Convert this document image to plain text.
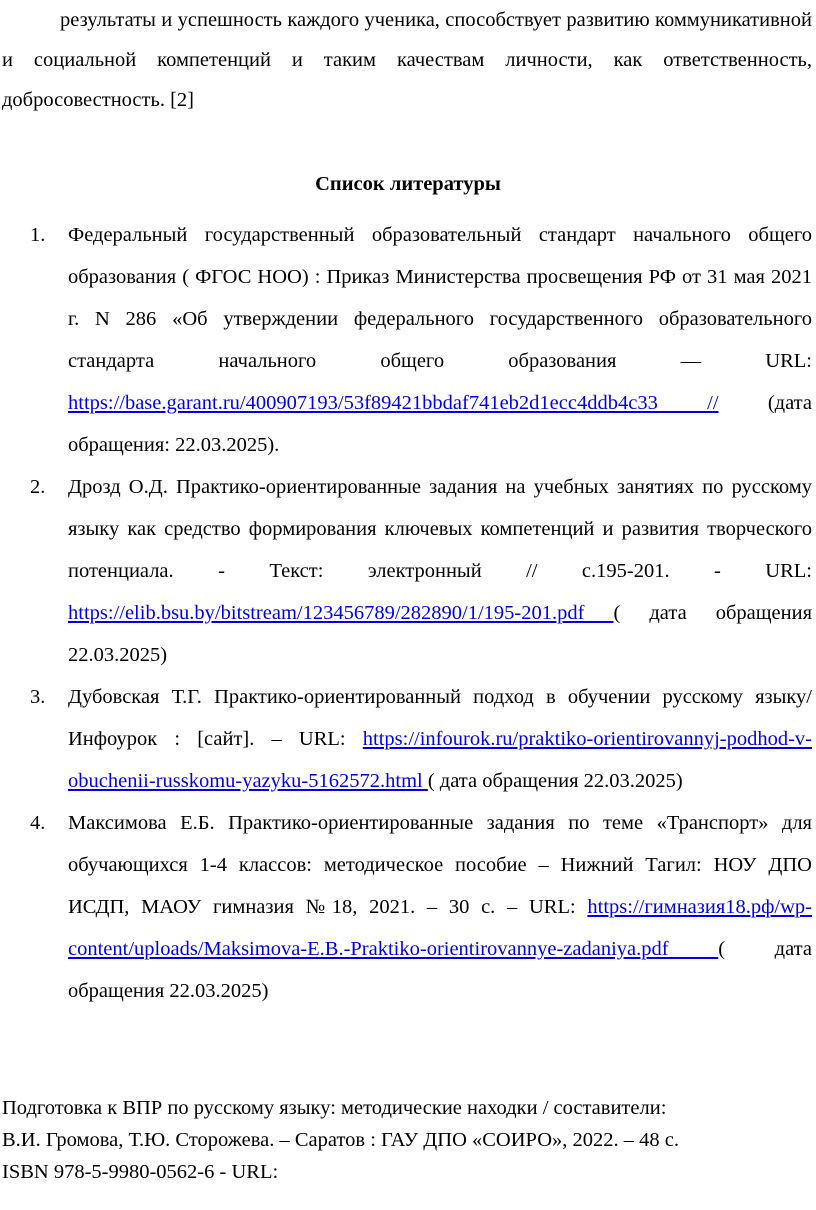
результаты и успешность каждого ученика, способствует развитию коммуникативной и социальной компетенций и таким качествам личности, как ответственность, добросовестность. [2]

Список литературы
1. Федеральный государственный образовательный стандарт начального общего образования ( ФГОС НОО) : Приказ Министерства просвещения РФ от 31 мая 2021 г. N 286 «Об утверждении федерального государственного образовательного стандарта начального общего образования — URL: https://base.garant.ru/400907193/53f89421bbdaf741eb2d1ecc4ddb4c33 // (дата обращения: 22.03.2025).
2. Дрозд О.Д. Практико-ориентированные задания на учебных занятиях по русскому языку как средство формирования ключевых компетенций и развития творческого потенциала. - Текст: электронный // с.195-201. - URL: https://elib.bsu.by/bitstream/123456789/282890/1/195-201.pdf ( дата обращения 22.03.2025)
3. Дубовская Т.Г. Практико-ориентированный подход в обучении русскому языку/ Инфоурок : [сайт]. – URL: https://infourok.ru/praktiko-orientirovannyj-podhod-v-obuchenii-russkomu-yazyku-5162572.html ( дата обращения 22.03.2025)
4. Максимова Е.Б. Практико-ориентированные задания по теме «Транспорт» для обучающихся 1-4 классов: методическое пособие – Нижний Тагил: НОУ ДПО ИСДП, МАОУ гимназия №18, 2021. – 30 с. – URL: https://гимназия18.рф/wp-content/uploads/Maksimova-E.B.-Praktiko-orientirovannye-zadaniya.pdf ( дата обращения 22.03.2025)
Подготовка к ВПР по русскому языку: методические находки / составители:
В.И. Громова, Т.Ю. Сторожева. – Саратов : ГАУ ДПО «СОИРО», 2022. – 48 с.
ISBN 978-5-9980-0562-6 - URL:
